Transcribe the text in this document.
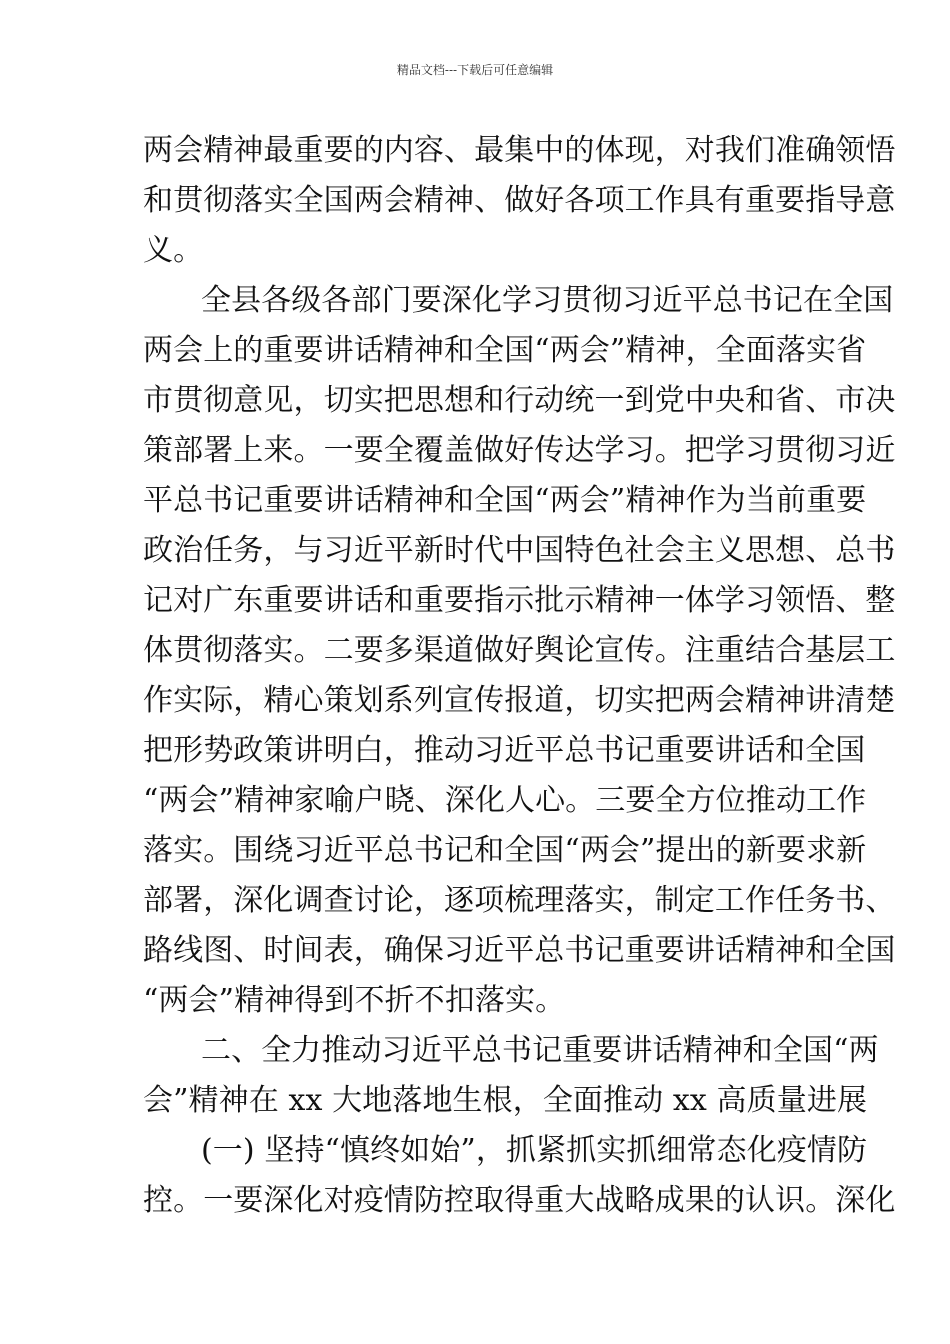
精品文档---下载后可任意编辑
两会精神最重要的内容、最集中的体现，对我们准确领悟
和贯彻落实全国两会精神、做好各项工作具有重要指导意
义。
全县各级各部门要深化学习贯彻习近平总书记在全国
两会上的重要讲话精神和全国“两会”精神，全面落实省
市贯彻意见，切实把思想和行动统一到党中央和省、市决
策部署上来。一要全覆盖做好传达学习。把学习贯彻习近
平总书记重要讲话精神和全国“两会”精神作为当前重要
政治任务，与习近平新时代中国特色社会主义思想、总书
记对广东重要讲话和重要指示批示精神一体学习领悟、整
体贯彻落实。二要多渠道做好舆论宣传。注重结合基层工
作实际，精心策划系列宣传报道，切实把两会精神讲清楚
把形势政策讲明白，推动习近平总书记重要讲话和全国
“两会”精神家喻户晓、深化人心。三要全方位推动工作
落实。围绕习近平总书记和全国“两会”提出的新要求新
部署，深化调查讨论，逐项梳理落实，制定工作任务书、
路线图、时间表，确保习近平总书记重要讲话精神和全国
“两会”精神得到不折不扣落实。
二、全力推动习近平总书记重要讲话精神和全国“两
会”精神在 xx 大地落地生根，全面推动 xx 高质量进展
(一) 坚持“慎终如始”，抓紧抓实抓细常态化疫情防
控。一要深化对疫情防控取得重大战略成果的认识。深化
